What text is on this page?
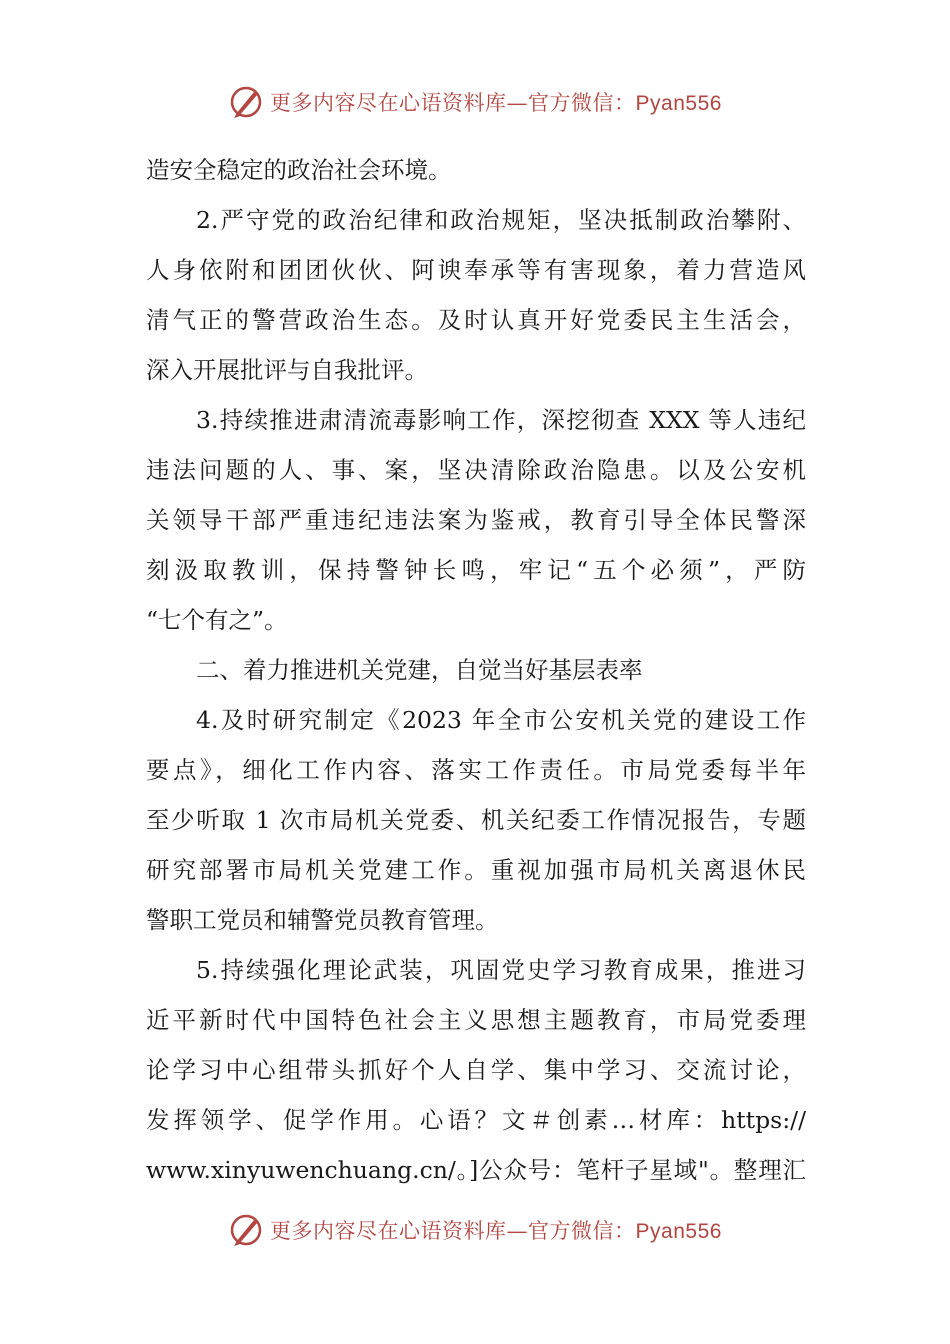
更多内容尽在心语资料库—官方微信：Pyan556
造安全稳定的政治社会环境。
2.严守党的政治纪律和政治规矩，坚决抵制政治攀附、
人身依附和团团伙伙、阿谀奉承等有害现象，着力营造风
清气正的警营政治生态。及时认真开好党委民主生活会，
深入开展批评与自我批评。
3.持续推进肃清流毒影响工作，深挖彻查 XXX 等人违纪
违法问题的人、事、案，坚决清除政治隐患。以及公安机
关领导干部严重违纪违法案为鉴戒，教育引导全体民警深
刻汲取教训，保持警钟长鸣，牢记“五个必须”，严防
“七个有之”。
二、着力推进机关党建，自觉当好基层表率
4.及时研究制定《2023 年全市公安机关党的建设工作
要点》，细化工作内容、落实工作责任。市局党委每半年
至少听取 1 次市局机关党委、机关纪委工作情况报告，专题
研究部署市局机关党建工作。重视加强市局机关离退休民
警职工党员和辅警党员教育管理。
5.持续强化理论武装，巩固党史学习教育成果，推进习
近平新时代中国特色社会主义思想主题教育，市局党委理
论学习中心组带头抓好个人自学、集中学习、交流讨论，
发挥领学、促学作用。心语？文＃创素…材库：https://
www.xinyuwenchuang.cn/。]公众号：笔杆子星域"。整理汇
更多内容尽在心语资料库—官方微信：Pyan556
